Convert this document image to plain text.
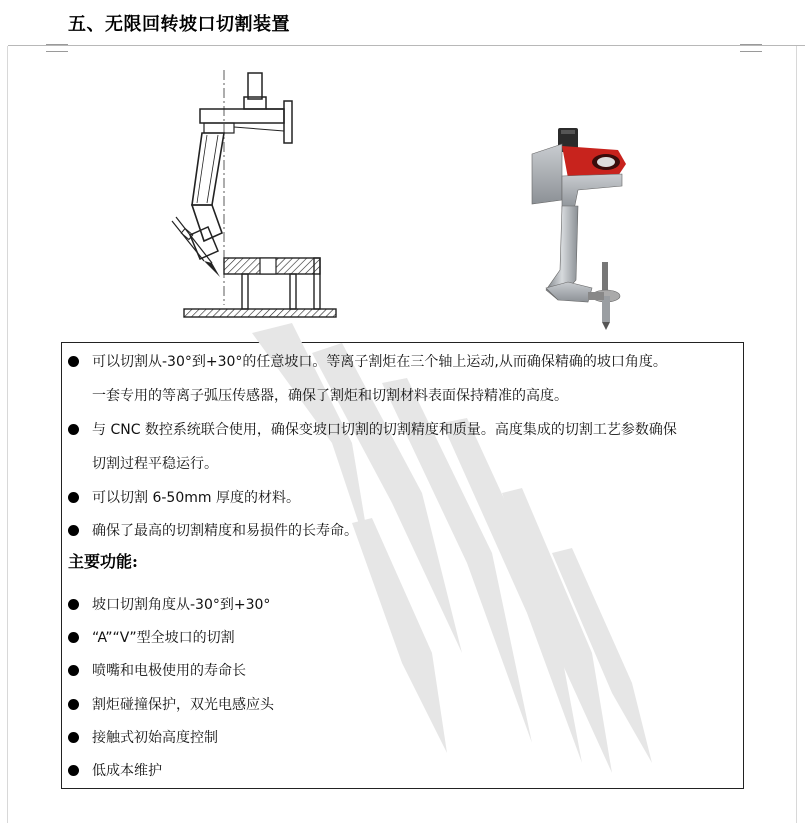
五、无限回转坡口切割装置
可以切割从-30°到+30°的任意坡口。等离子割炬在三个轴上运动,从而确保精确的坡口角度。
一套专用的等离子弧压传感器，确保了割炬和切割材料表面保持精准的高度。
与 CNC 数控系统联合使用，确保变坡口切割的切割精度和质量。高度集成的切割工艺参数确保
切割过程平稳运行。
可以切割 6-50mm 厚度的材料。
确保了最高的切割精度和易损件的长寿命。
主要功能:
坡口切割角度从-30°到+30°
“A”“V”型全坡口的切割
喷嘴和电极使用的寿命长
割炬碰撞保护，双光电感应头
接触式初始高度控制
低成本维护
